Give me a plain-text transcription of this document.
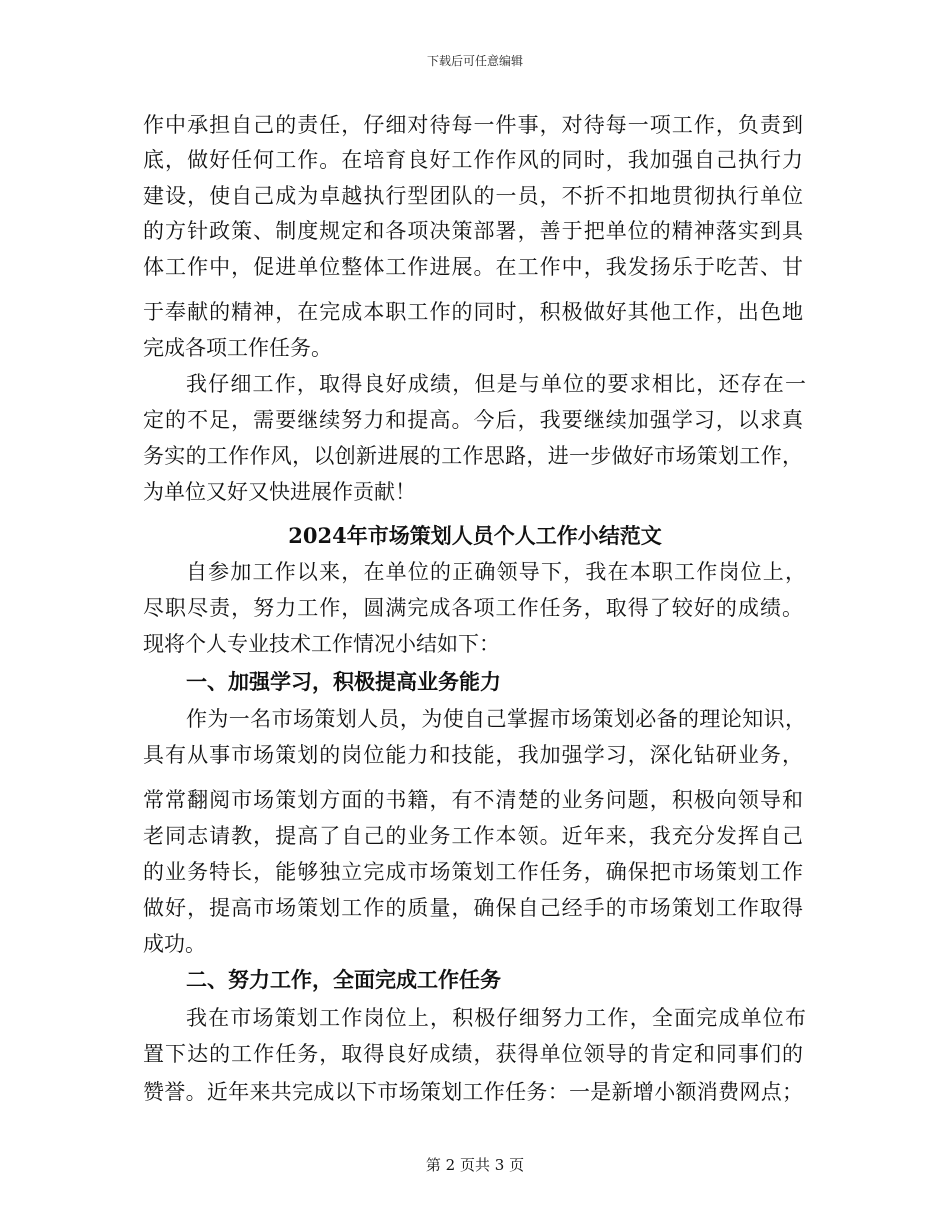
下载后可任意编辑
作中承担自己的责任，仔细对待每一件事，对待每一项工作，负责到
底，做好任何工作。在培育良好工作作风的同时，我加强自己执行力
建设，使自己成为卓越执行型团队的一员，不折不扣地贯彻执行单位
的方针政策、制度规定和各项决策部署，善于把单位的精神落实到具
体工作中，促进单位整体工作进展。在工作中，我发扬乐于吃苦、甘
于奉献的精神，在完成本职工作的同时，积极做好其他工作，出色地
完成各项工作任务。
我仔细工作，取得良好成绩，但是与单位的要求相比，还存在一
定的不足，需要继续努力和提高。今后，我要继续加强学习，以求真
务实的工作作风，以创新进展的工作思路，进一步做好市场策划工作，
为单位又好又快进展作贡献！
2024年市场策划人员个人工作小结范文
自参加工作以来，在单位的正确领导下，我在本职工作岗位上，
尽职尽责，努力工作，圆满完成各项工作任务，取得了较好的成绩。
现将个人专业技术工作情况小结如下：
一、加强学习，积极提高业务能力
作为一名市场策划人员，为使自己掌握市场策划必备的理论知识，
具有从事市场策划的岗位能力和技能，我加强学习，深化钻研业务，
常常翻阅市场策划方面的书籍，有不清楚的业务问题，积极向领导和
老同志请教，提高了自己的业务工作本领。近年来，我充分发挥自己
的业务特长，能够独立完成市场策划工作任务，确保把市场策划工作
做好，提高市场策划工作的质量，确保自己经手的市场策划工作取得
成功。
二、努力工作，全面完成工作任务
我在市场策划工作岗位上，积极仔细努力工作，全面完成单位布
置下达的工作任务，取得良好成绩，获得单位领导的肯定和同事们的
赞誉。近年来共完成以下市场策划工作任务：一是新增小额消费网点；
第 2 页共 3 页
